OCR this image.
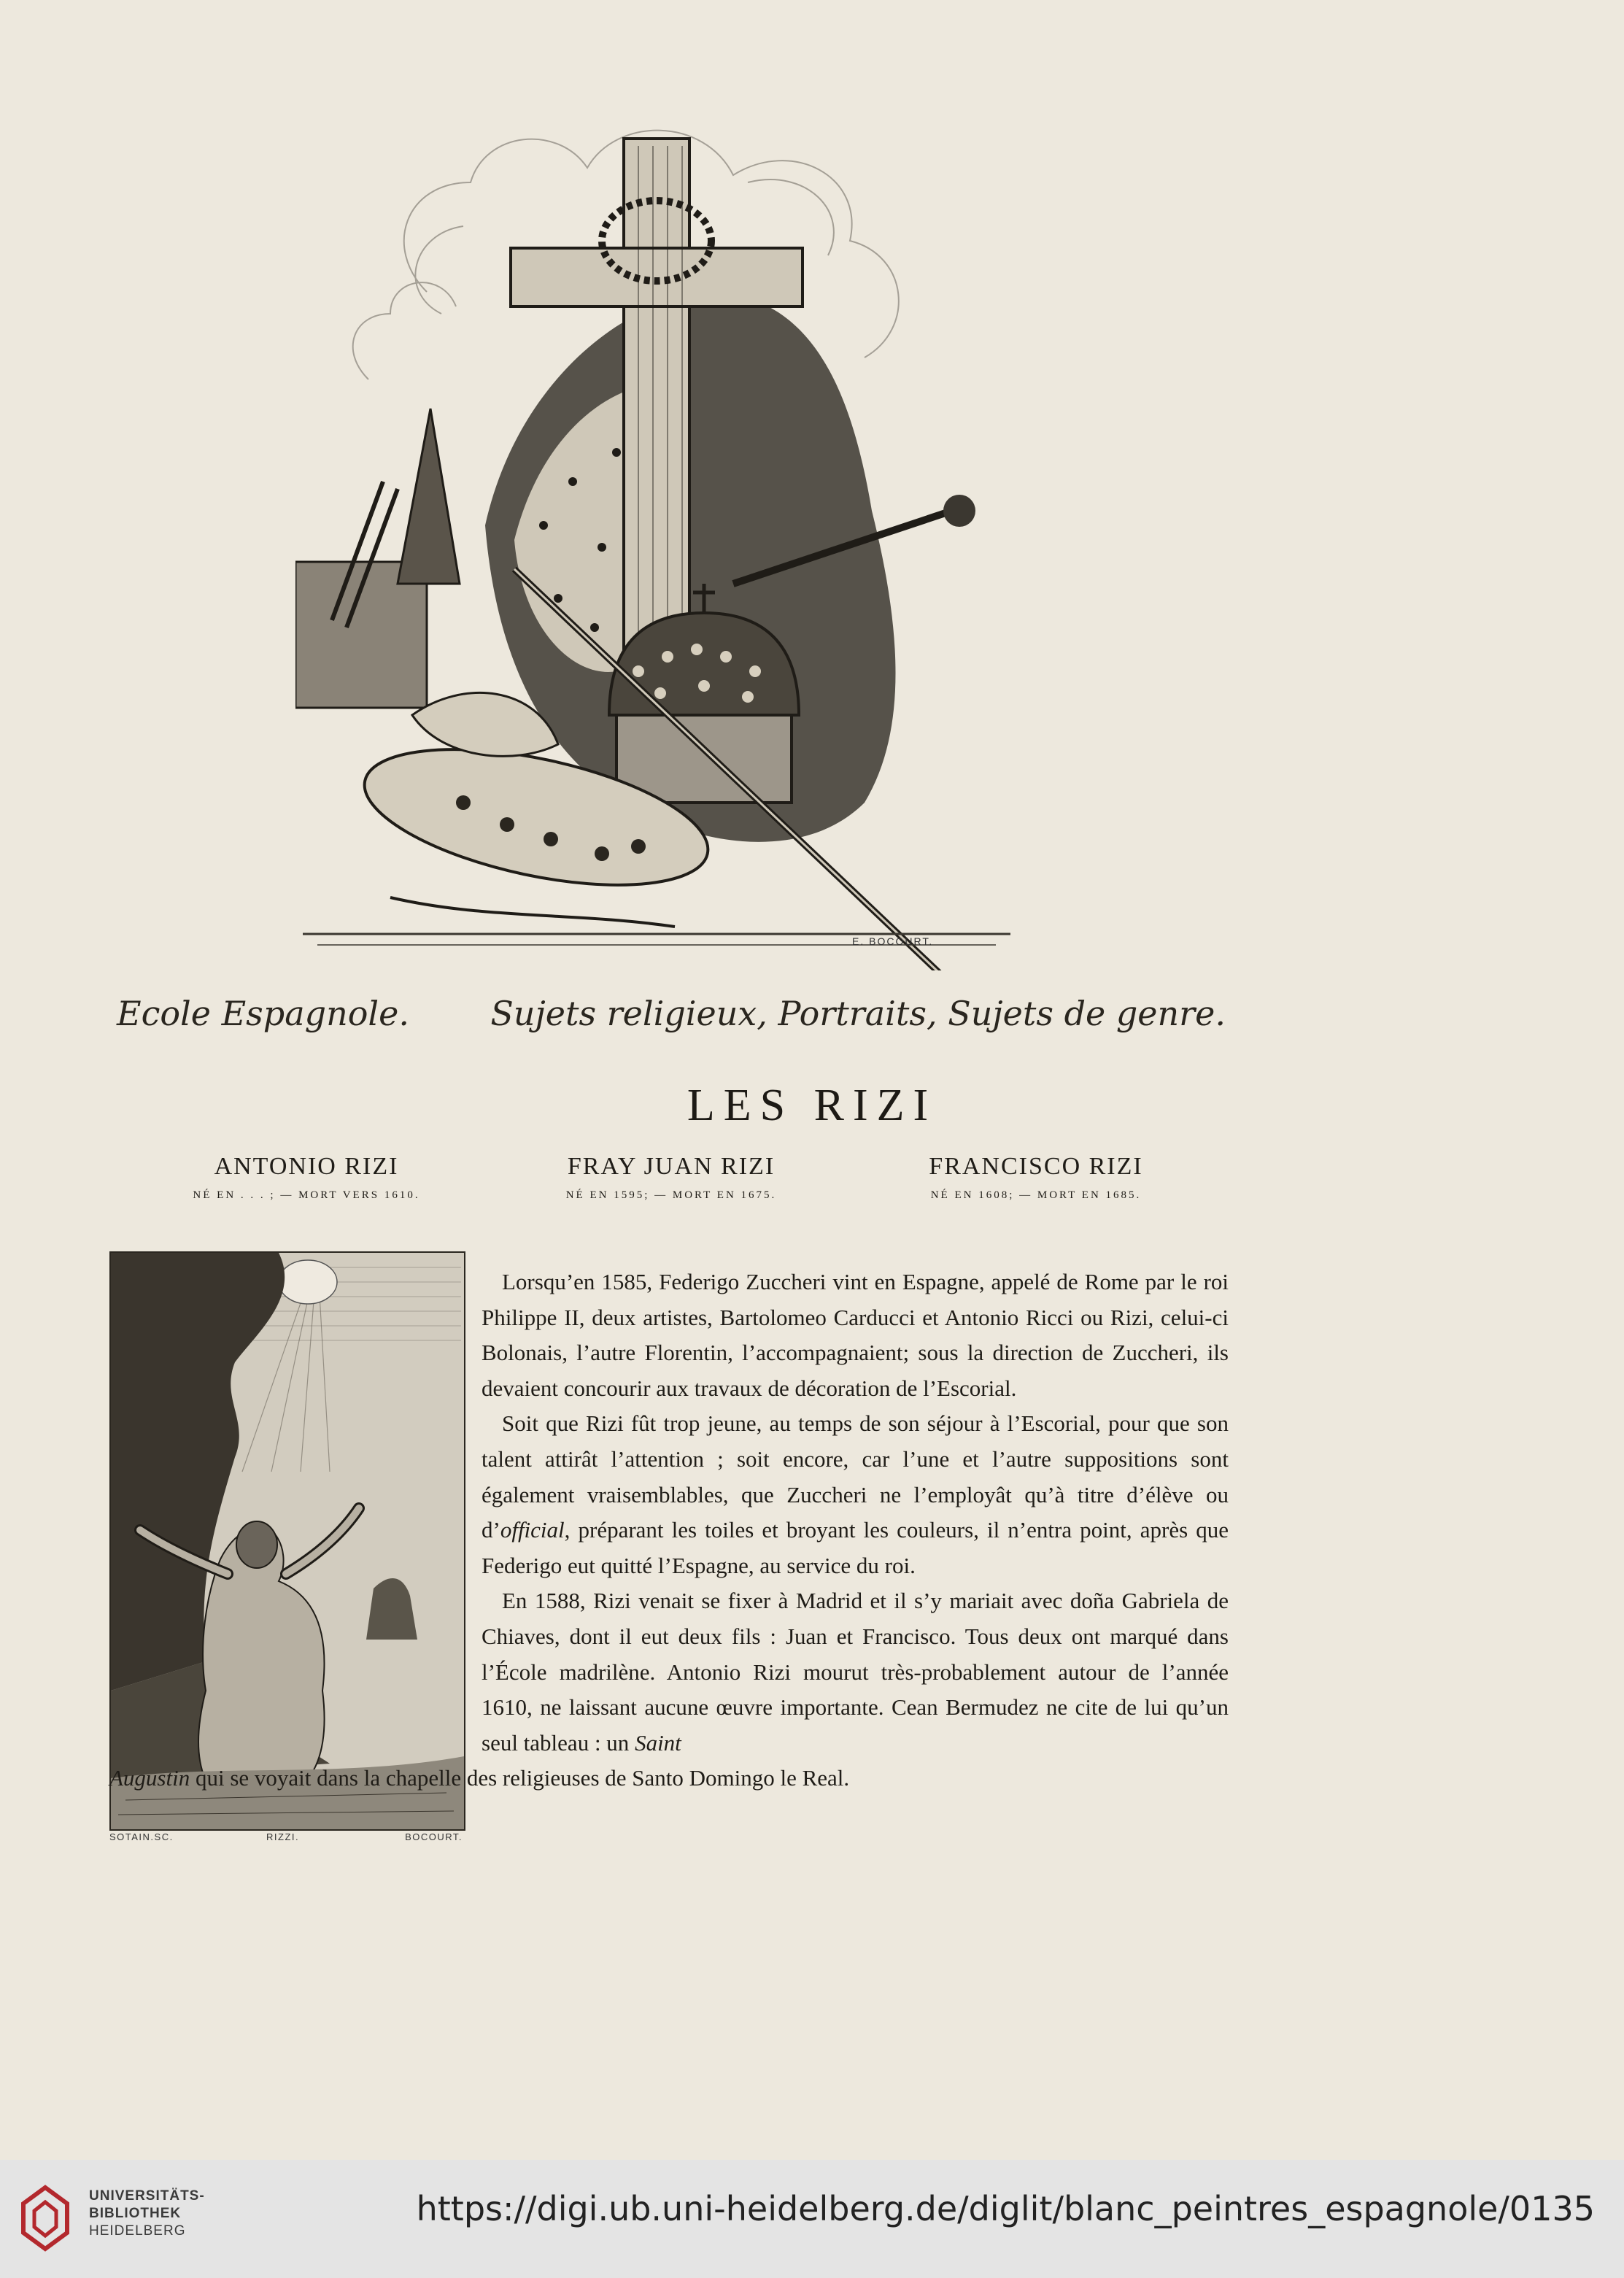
E. BOCOURT.
Ecole Espagnole. Sujets religieux, Portraits, Sujets de genre.
LES RIZI
ANTONIO RIZI
NÉ EN . . . ; — MORT VERS 1610.
FRAY JUAN RIZI
NÉ EN 1595; — MORT EN 1675.
FRANCISCO RIZI
NÉ EN 1608; — MORT EN 1685.
SOTAIN.SC.	RIZZI.	BOCOURT.

Lorsqu’en 1585, Federigo Zuccheri vint en Espagne, appelé de Rome par le roi Philippe II, deux artistes, Bartolomeo Carducci et Antonio Ricci ou Rizi, celui-ci Bolonais, l’autre Florentin, l’accompagnaient; sous la direction de Zuccheri, ils devaient concourir aux travaux de décoration de l’Escorial.

Soit que Rizi fût trop jeune, au temps de son séjour à l’Escorial, pour que son talent attirât l’attention ; soit encore, car l’une et l’autre suppositions sont également vraisemblables, que Zuccheri ne l’employât qu’à titre d’élève ou d’official, préparant les toiles et broyant les couleurs, il n’entra point, après que Federigo eut quitté l’Espagne, au service du roi.

En 1588, Rizi venait se fixer à Madrid et il s’y mariait avec doña Gabriela de Chiaves, dont il eut deux fils : Juan et Francisco. Tous deux ont marqué dans l’École madrilène. Antonio Rizi mourut très-probablement autour de l’année 1610, ne laissant aucune œuvre importante. Cean Bermudez ne cite de lui qu’un seul tableau : un Saint

Augustin qui se voyait dans la chapelle des religieuses de Santo Domingo le Real.

UNIVERSITÄTS-
BIBLIOTHEK
HEIDELBERG
https://digi.ub.uni-heidelberg.de/diglit/blanc_peintres_espagnole/0135
